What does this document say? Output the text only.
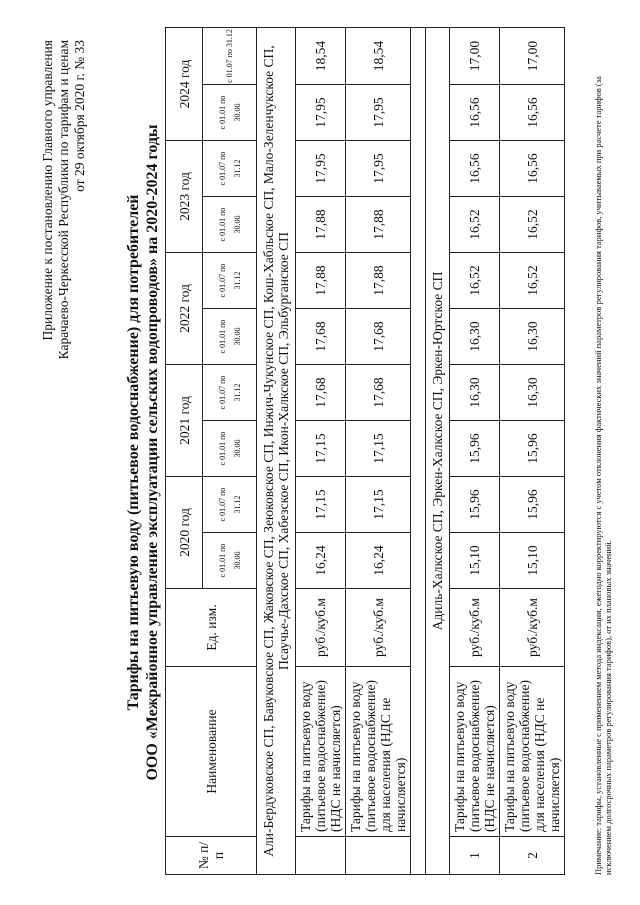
Приложение к постановлению Главного управления Карачаево-Черкесской Республики по тарифам и ценам от 29 октября 2020 г. № 33
Тарифы на питьевую воду (питьевое водоснабжение) для потребителей ООО «Межрайонное управление эксплуатации сельских водопроводов» на 2020-2024 годы
№ п/п	Наименование	Ед. изм.	2020 год		2021 год		2022 год		2023 год		2024 год	
			с 01.01 по 30.06	с 01.07 по 31.12	с 01.01 по 30.06	с 01.07 по 31.12	с 01.01 по 30.06	с 01.07 по 31.12	с 01.01 по 30.06	с 01.07 по 31.12	с 01.01 по 30.06	с 01.07 по 31.12
Али-Бердуковское СП, Бавуковское СП, Жаковское СП, Зеюковское СП, Инжич-Чукунское СП, Кош-Хабльское СП, Мало-Зеленчукское СП, Псаучье-Дахское СП, Хабезское СП, Икон-Халкское СП, Эльбурганское СП												
	Тарифы на питьевую воду (питьевое водоснабжение) (НДС не начисляется)	руб./куб.м	16,24	17,15	17,15	17,68	17,68	17,88	17,88	17,95	17,95	18,54
	Тарифы на питьевую воду (питьевое водоснабжение) для населения (НДС не начисляется)	руб./куб.м	16,24	17,15	17,15	17,68	17,68	17,88	17,88	17,95	17,95	18,54

Адиль-Халкское СП, Эркен-Халкское СП, Эркен-Юртское СП												
1	Тарифы на питьевую воду (питьевое водоснабжение) (НДС не начисляется)	руб./куб.м	15,10	15,96	15,96	16,30	16,30	16,52	16,52	16,56	16,56	17,00
2	Тарифы на питьевую воду (питьевое водоснабжение) для населения (НДС не начисляется)	руб./куб.м	15,10	15,96	15,96	16,30	16,30	16,52	16,52	16,56	16,56	17,00
Примечание: тарифы, установленные с применением метода индексации, ежегодно корректируются с учетом отклонения фактических значений параметров регулирования тарифов, учитываемых при расчете тарифов (за исключением долгосрочных параметров регулирования тарифов), от их плановых значений.
